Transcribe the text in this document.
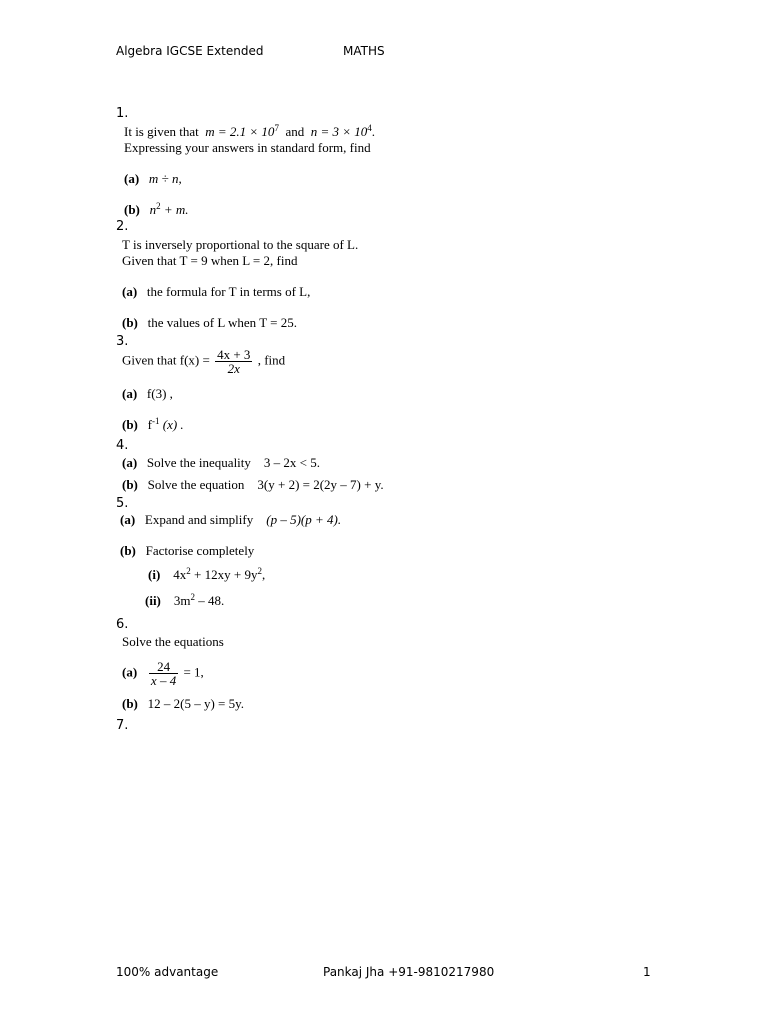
Algebra IGCSE Extended	MATHS
1.
It is given that $m = 2.1 \times 10^7$ and $n = 3 \times 10^4$.
Expressing your answers in standard form, find
(a) m ÷ n,
(b) $n^2 + m$.
2.
T is inversely proportional to the square of L.
Given that T = 9 when L = 2, find
(a) the formula for T in terms of L,
(b) the values of L when T = 25.
3.
Given that $f(x) = \frac{4x + 3}{2x}$ , find
(a) f(3) ,
(b) $f^{-1}$ (x) .
4.
(a) Solve the inequality 3 – 2x < 5.
(b) Solve the equation 3(y + 2) = 2(2y – 7) + y.
5.
(a) Expand and simplify (p – 5)(p + 4).
(b) Factorise completely
(i) $4x^2 + 12xy + 9y^2$,
(ii) $3m^2 - 48$.
6.
Solve the equations
$(a) \frac{24}{x - 4} = 1$,
(b) 12 – 2(5 – y) = 5y.
7.
100% advantage	Pankaj Jha +91-9810217980	1
